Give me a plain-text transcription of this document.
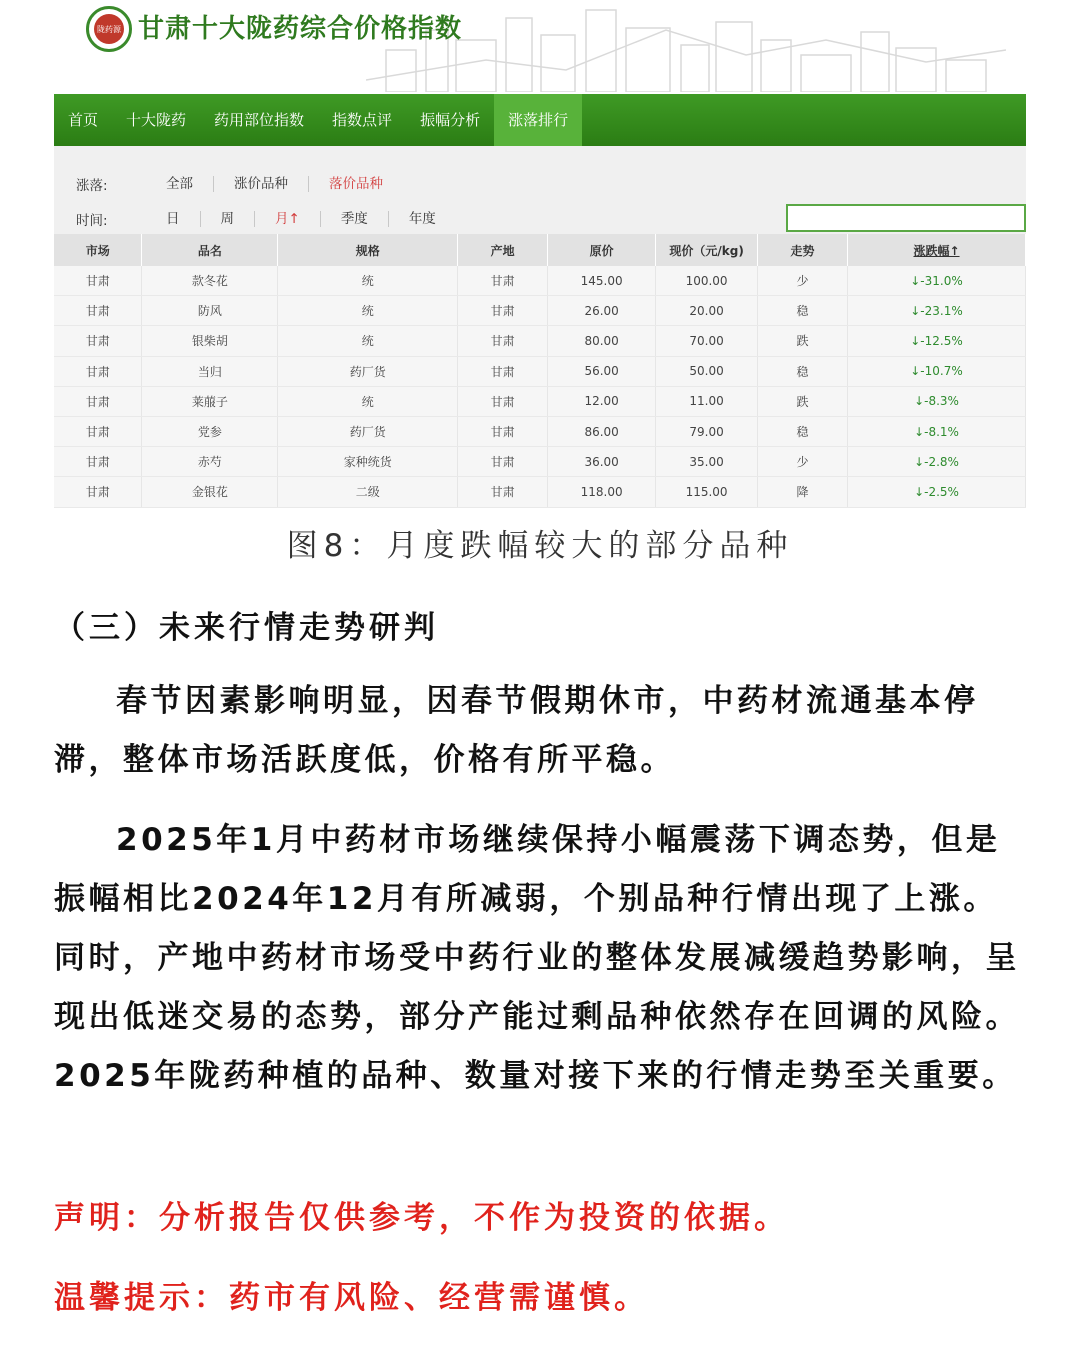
陇药源 甘肃十大陇药综合价格指数
首页	十大陇药	药用部位指数	指数点评	振幅分析	涨落排行
涨落:	全部	涨价品种	落价品种
时间:	日	周	月↑	季度	年度
市场	品名	规格	产地	原价	现价（元/kg)	走势	涨跌幅↑
甘肃	款冬花	统	甘肃	145.00	100.00	少	↓-31.0%
甘肃	防风	统	甘肃	26.00	20.00	稳	↓-23.1%
甘肃	银柴胡	统	甘肃	80.00	70.00	跌	↓-12.5%
甘肃	当归	药厂货	甘肃	56.00	50.00	稳	↓-10.7%
甘肃	莱菔子	统	甘肃	12.00	11.00	跌	↓-8.3%
甘肃	党参	药厂货	甘肃	86.00	79.00	稳	↓-8.1%
甘肃	赤芍	家种统货	甘肃	36.00	35.00	少	↓-2.8%
甘肃	金银花	二级	甘肃	118.00	115.00	降	↓-2.5%
图8：月度跌幅较大的部分品种
（三）未来行情走势研判

春节因素影响明显，因春节假期休市，中药材流通基本停滞，整体市场活跃度低，价格有所平稳。

2025年1月中药材市场继续保持小幅震荡下调态势，但是振幅相比2024年12月有所减弱，个别品种行情出现了上涨。同时，产地中药材市场受中药行业的整体发展减缓趋势影响，呈现出低迷交易的态势，部分产能过剩品种依然存在回调的风险。2025年陇药种植的品种、数量对接下来的行情走势至关重要。

声明：分析报告仅供参考，不作为投资的依据。
温馨提示：药市有风险、经营需谨慎。
